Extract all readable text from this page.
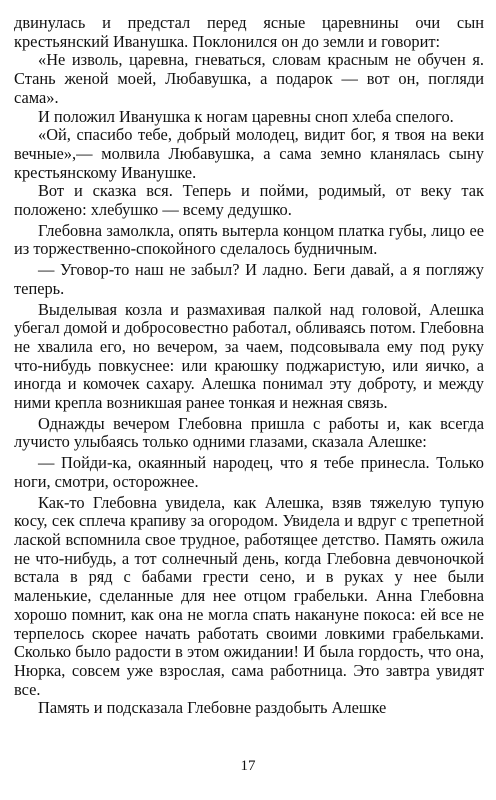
двинулась и предстал перед ясные царевнины очи сын крестьянский Иванушка. Поклонился он до земли и говорит:

«Не изволь, царевна, гневаться, словам красным не обучен я. Стань женой моей, Любавушка, а подарок — вот он, погляди сама».

И положил Иванушка к ногам царевны сноп хлеба спелого.

«Ой, спасибо тебе, добрый молодец, видит бог, я твоя на веки вечные»,— молвила Любавушка, а сама земно кланялась сыну крестьянскому Иванушке.

Вот и сказка вся. Теперь и пойми, родимый, от веку так положено: хлебушко — всему дедушко.

Глебовна замолкла, опять вытерла концом платка губы, лицо ее из торжественно-спокойного сделалось будничным.

— Уговор-то наш не забыл? И ладно. Беги давай, а я погляжу теперь.

Выделывая козла и размахивая палкой над головой, Алешка убегал домой и добросовестно работал, обливаясь потом. Глебовна не хвалила его, но вечером, за чаем, подсовывала ему под руку что-нибудь повкуснее: или краюшку поджаристую, или яичко, а иногда и комочек сахару. Алешка понимал эту доброту, и между ними крепла возникшая ранее тонкая и нежная связь.

Однажды вечером Глебовна пришла с работы и, как всегда лучисто улыбаясь только одними глазами, сказала Алешке:

— Пойди-ка, окаянный народец, что я тебе принесла. Только ноги, смотри, осторожнее.

Как-то Глебовна увидела, как Алешка, взяв тяжелую тупую косу, сек сплеча крапиву за огородом. Увидела и вдруг с трепетной лаской вспомнила свое трудное, работящее детство. Память ожила не что-нибудь, а тот солнечный день, когда Глебовна девчоночкой встала в ряд с бабами грести сено, и в руках у нее были маленькие, сделанные для нее отцом грабельки. Анна Глебовна хорошо помнит, как она не могла спать накануне покоса: ей все не терпелось скорее начать работать своими ловкими грабельками. Сколько было радости в этом ожидании! И была гордость, что она, Нюрка, совсем уже взрослая, сама работница. Это завтра увидят все.

Память и подсказала Глебовне раздобыть Алешке

17
